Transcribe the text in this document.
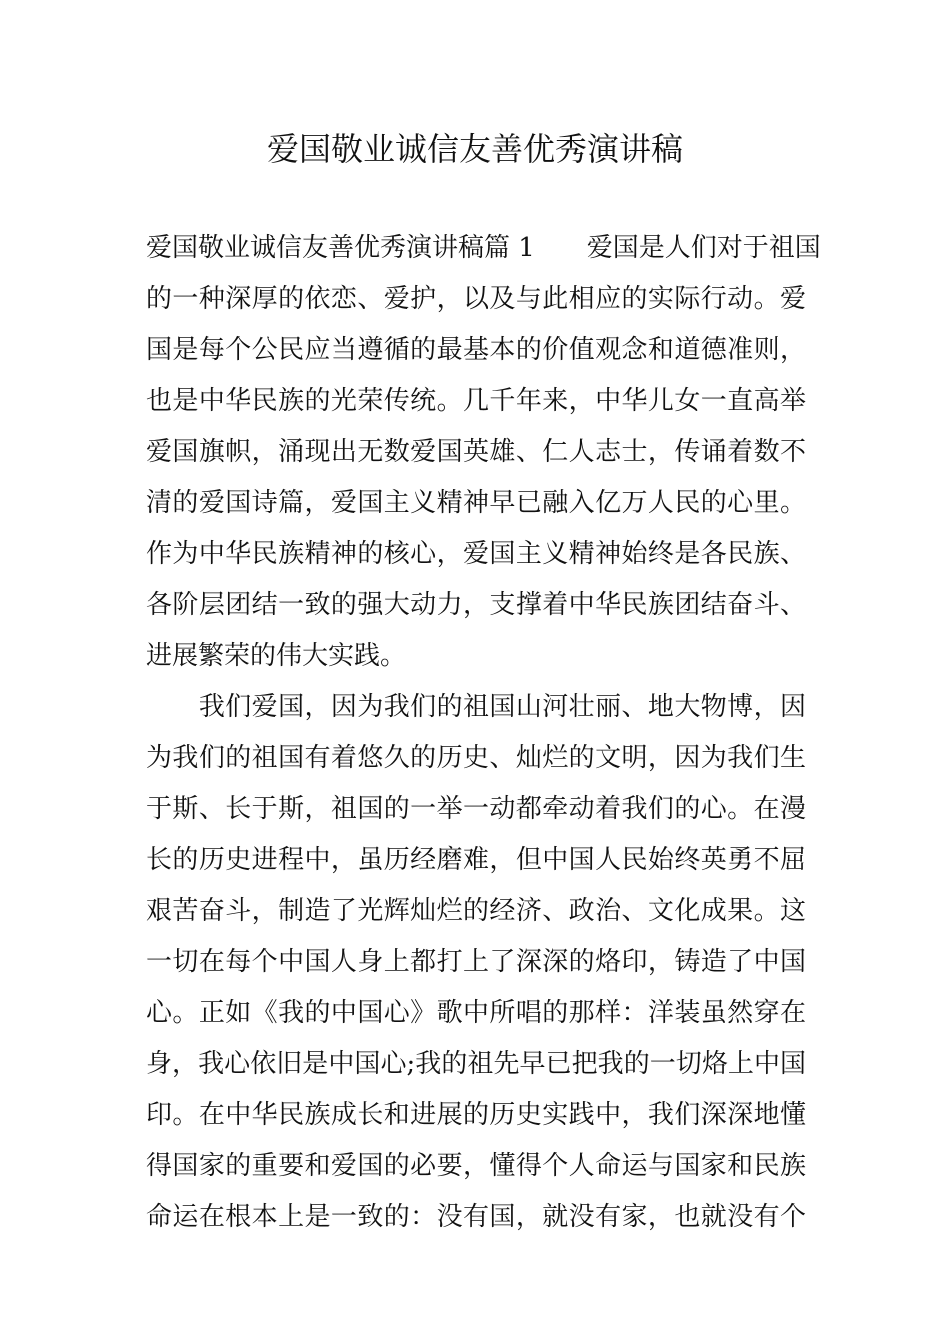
爱国敬业诚信友善优秀演讲稿
爱国敬业诚信友善优秀演讲稿篇 1　　爱国是人们对于祖国
的一种深厚的依恋、爱护，以及与此相应的实际行动。爱
国是每个公民应当遵循的最基本的价值观念和道德准则，
也是中华民族的光荣传统。几千年来，中华儿女一直高举
爱国旗帜，涌现出无数爱国英雄、仁人志士，传诵着数不
清的爱国诗篇，爱国主义精神早已融入亿万人民的心里。
作为中华民族精神的核心，爱国主义精神始终是各民族、
各阶层团结一致的强大动力，支撑着中华民族团结奋斗、
进展繁荣的伟大实践。
　　我们爱国，因为我们的祖国山河壮丽、地大物博，因
为我们的祖国有着悠久的历史、灿烂的文明，因为我们生
于斯、长于斯，祖国的一举一动都牵动着我们的心。在漫
长的历史进程中，虽历经磨难，但中国人民始终英勇不屈
艰苦奋斗，制造了光辉灿烂的经济、政治、文化成果。这
一切在每个中国人身上都打上了深深的烙印，铸造了中国
心。正如《我的中国心》歌中所唱的那样：洋装虽然穿在
身，我心依旧是中国心;我的祖先早已把我的一切烙上中国
印。在中华民族成长和进展的历史实践中，我们深深地懂
得国家的重要和爱国的必要，懂得个人命运与国家和民族
命运在根本上是一致的：没有国，就没有家，也就没有个
